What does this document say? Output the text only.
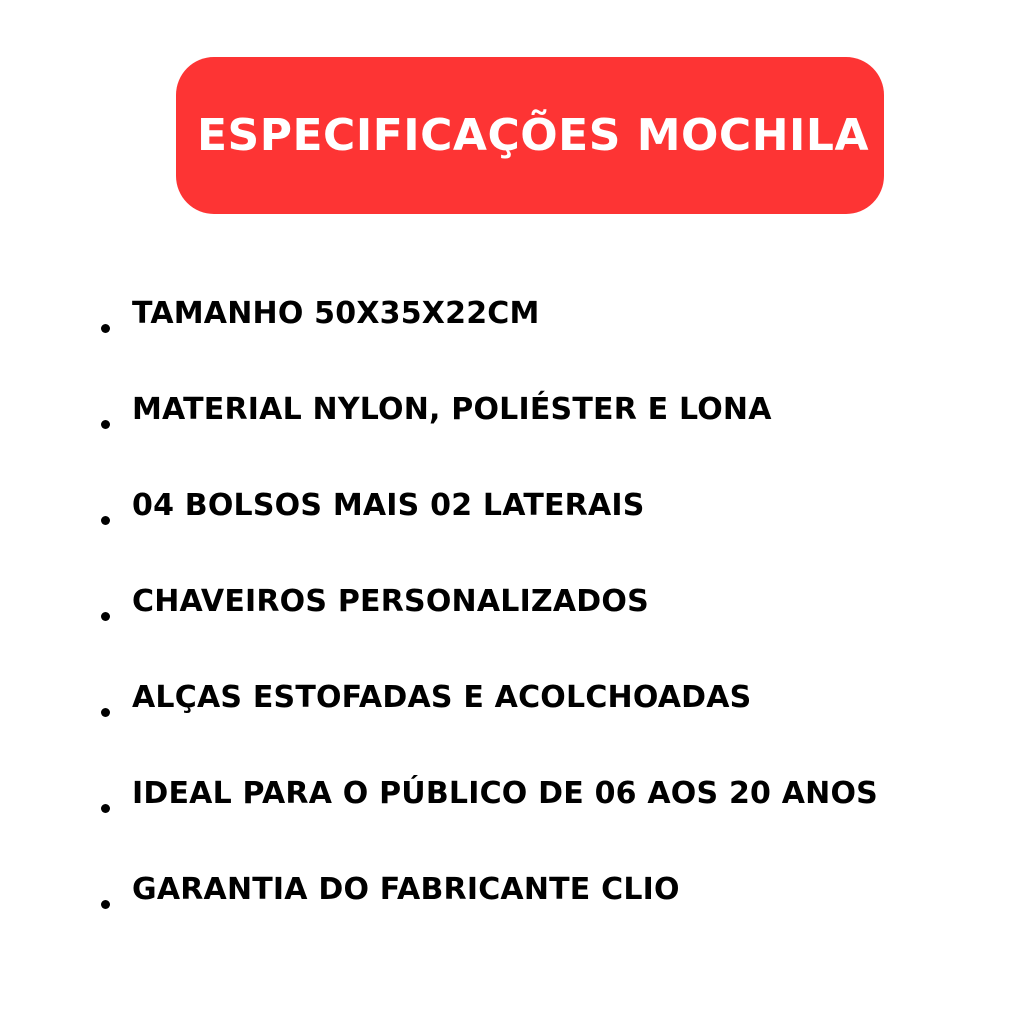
ESPECIFICAÇÕES MOCHILA
TAMANHO 50X35X22CM
MATERIAL NYLON, POLIÉSTER E LONA
04 BOLSOS MAIS 02 LATERAIS
CHAVEIROS PERSONALIZADOS
ALÇAS ESTOFADAS E ACOLCHOADAS
IDEAL PARA O PÚBLICO DE 06 AOS 20 ANOS
GARANTIA DO FABRICANTE CLIO
